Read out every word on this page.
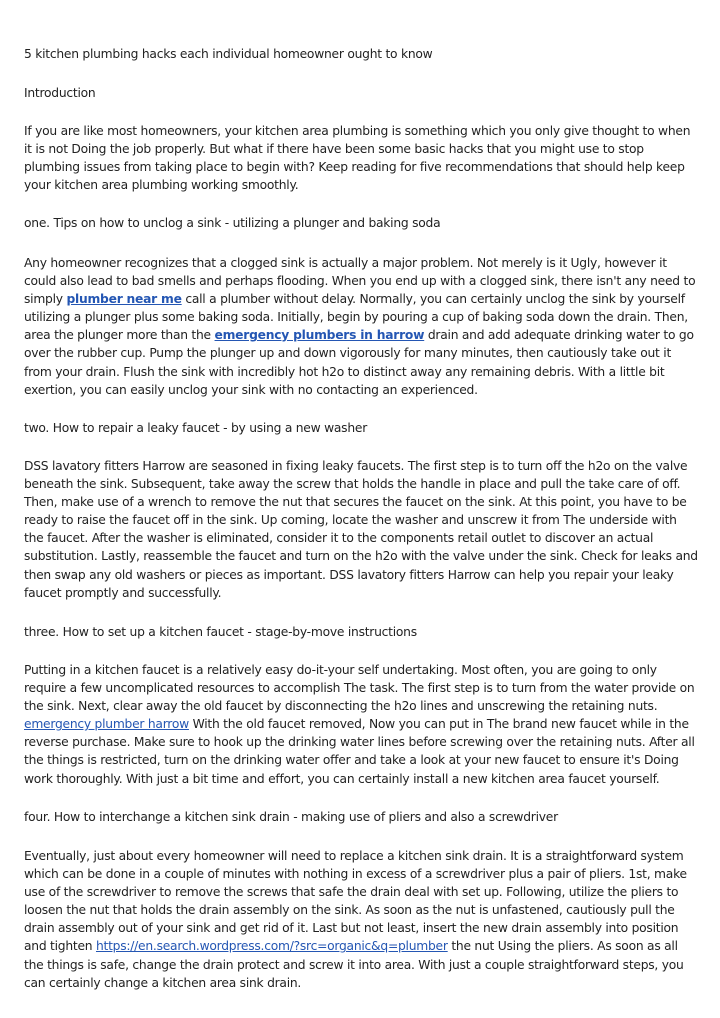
5 kitchen plumbing hacks each individual homeowner ought to know

Introduction

If you are like most homeowners, your kitchen area plumbing is something which you only give thought to when it is not Doing the job properly. But what if there have been some basic hacks that you might use to stop plumbing issues from taking place to begin with? Keep reading for five recommendations that should help keep your kitchen area plumbing working smoothly.

one. Tips on how to unclog a sink - utilizing a plunger and baking soda

Any homeowner recognizes that a clogged sink is actually a major problem. Not merely is it Ugly, however it could also lead to bad smells and perhaps flooding. When you end up with a clogged sink, there isn't any need to simply plumber near me call a plumber without delay. Normally, you can certainly unclog the sink by yourself utilizing a plunger plus some baking soda. Initially, begin by pouring a cup of baking soda down the drain. Then, area the plunger more than the emergency plumbers in harrow drain and add adequate drinking water to go over the rubber cup. Pump the plunger up and down vigorously for many minutes, then cautiously take out it from your drain. Flush the sink with incredibly hot h2o to distinct away any remaining debris. With a little bit exertion, you can easily unclog your sink with no contacting an experienced.

two. How to repair a leaky faucet - by using a new washer

DSS lavatory fitters Harrow are seasoned in fixing leaky faucets. The first step is to turn off the h2o on the valve beneath the sink. Subsequent, take away the screw that holds the handle in place and pull the take care of off. Then, make use of a wrench to remove the nut that secures the faucet on the sink. At this point, you have to be ready to raise the faucet off in the sink. Up coming, locate the washer and unscrew it from The underside with the faucet. After the washer is eliminated, consider it to the components retail outlet to discover an actual substitution. Lastly, reassemble the faucet and turn on the h2o with the valve under the sink. Check for leaks and then swap any old washers or pieces as important. DSS lavatory fitters Harrow can help you repair your leaky faucet promptly and successfully.

three. How to set up a kitchen faucet - stage-by-move instructions

Putting in a kitchen faucet is a relatively easy do-it-your self undertaking. Most often, you are going to only require a few uncomplicated resources to accomplish The task. The first step is to turn from the water provide on the sink. Next, clear away the old faucet by disconnecting the h2o lines and unscrewing the retaining nuts. emergency plumber harrow With the old faucet removed, Now you can put in The brand new faucet while in the reverse purchase. Make sure to hook up the drinking water lines before screwing over the retaining nuts. After all the things is restricted, turn on the drinking water offer and take a look at your new faucet to ensure it's Doing work thoroughly. With just a bit time and effort, you can certainly install a new kitchen area faucet yourself.

four. How to interchange a kitchen sink drain - making use of pliers and also a screwdriver

Eventually, just about every homeowner will need to replace a kitchen sink drain. It is a straightforward system which can be done in a couple of minutes with nothing in excess of a screwdriver plus a pair of pliers. 1st, make use of the screwdriver to remove the screws that safe the drain deal with set up. Following, utilize the pliers to loosen the nut that holds the drain assembly on the sink. As soon as the nut is unfastened, cautiously pull the drain assembly out of your sink and get rid of it. Last but not least, insert the new drain assembly into position and tighten https://en.search.wordpress.com/?src=organic&q=plumber the nut Using the pliers. As soon as all the things is safe, change the drain protect and screw it into area. With just a couple straightforward steps, you can certainly change a kitchen area sink drain.
